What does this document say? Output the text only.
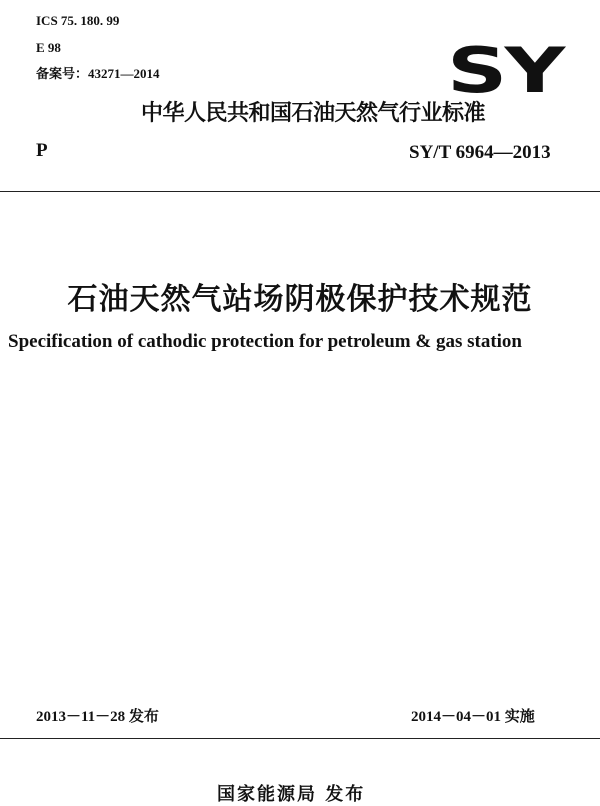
ICS 75. 180. 99
E 98
备案号：43271—2014	SY
中华人民共和国石油天然气行业标准
P	SY/T 6964—2013
石油天然气站场阴极保护技术规范
Specification of cathodic protection for petroleum & gas station
2013－11－28 发布	2014－04－01 实施
国家能源局 发布
